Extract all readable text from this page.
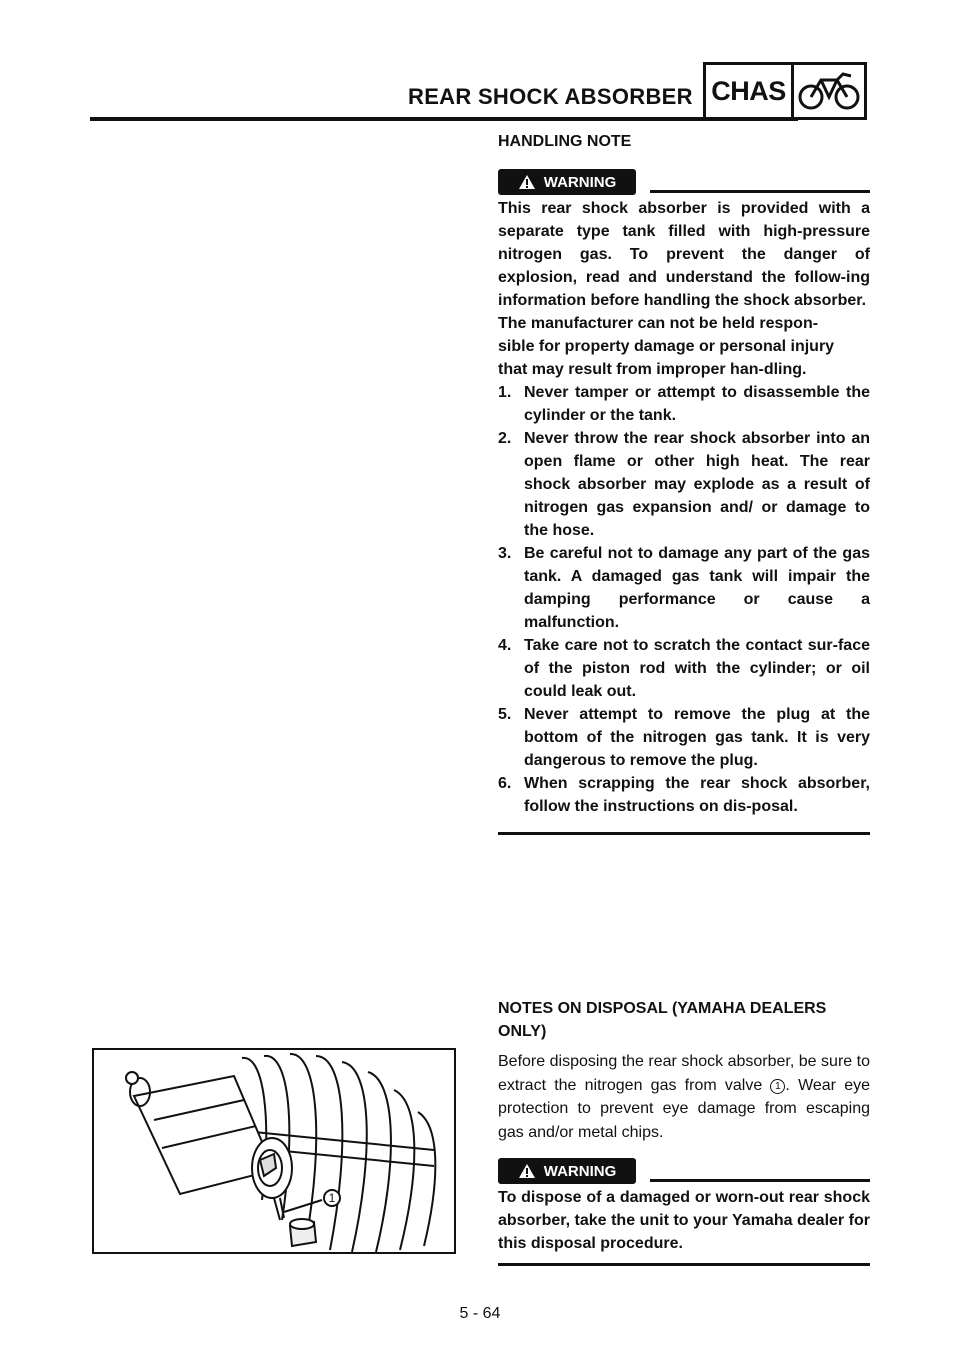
REAR SHOCK ABSORBER CHAS
HANDLING NOTE
WARNING
This rear shock absorber is provided with a separate type tank filled with high-pressure nitrogen gas. To prevent the danger of explosion, read and understand the follow-ing information before handling the shock absorber.
The manufacturer can not be held respon-sible for property damage or personal injury that may result from improper han-dling.
1. Never tamper or attempt to disassemble the cylinder or the tank.
2. Never throw the rear shock absorber into an open flame or other high heat. The rear shock absorber may explode as a result of nitrogen gas expansion and/ or damage to the hose.
3. Be careful not to damage any part of the gas tank. A damaged gas tank will impair the damping performance or cause a malfunction.
4. Take care not to scratch the contact sur-face of the piston rod with the cylinder; or oil could leak out.
5. Never attempt to remove the plug at the bottom of the nitrogen gas tank. It is very dangerous to remove the plug.
6. When scrapping the rear shock absorber, follow the instructions on dis-posal.
NOTES ON DISPOSAL (YAMAHA DEALERS ONLY)
Before disposing the rear shock absorber, be sure to extract the nitrogen gas from valve 1 . Wear eye protection to prevent eye damage from escaping gas and/or metal chips.
WARNING
To dispose of a damaged or worn-out rear shock absorber, take the unit to your Yamaha dealer for this disposal procedure.
1
5 - 64
